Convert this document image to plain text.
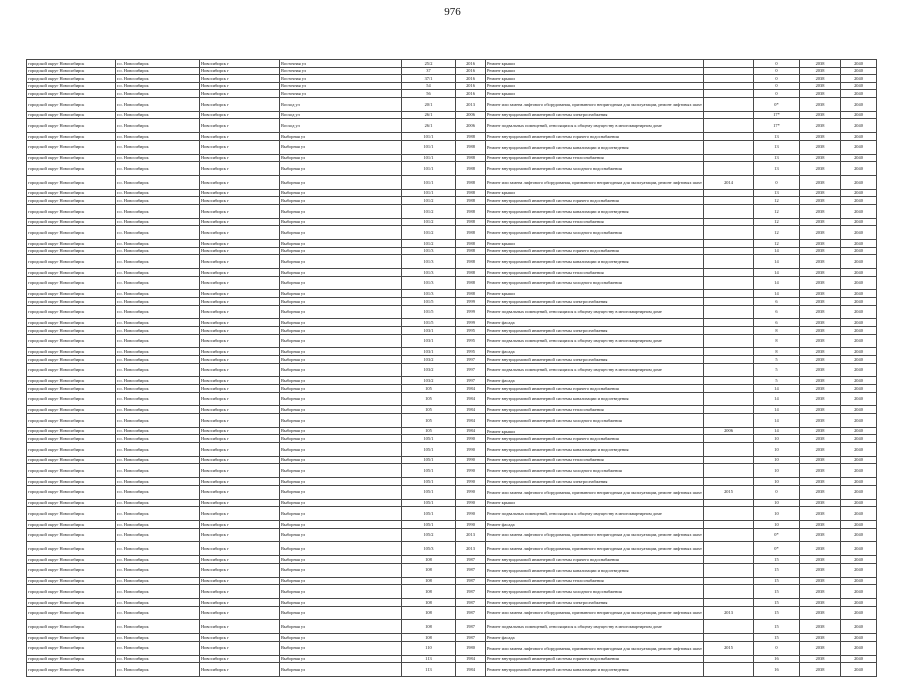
976
городской округ Новосибирск	г.о. Новосибирск	Новосибирск г	Восточная ул	25/2	2016	Ремонт крыши		0	2038	2040
городской округ Новосибирск	г.о. Новосибирск	Новосибирск г	Восточная ул	37	2016	Ремонт крыши		0	2038	2040
городской округ Новосибирск	г.о. Новосибирск	Новосибирск г	Восточная ул	37/1	2016	Ремонт крыши		0	2038	2040
городской округ Новосибирск	г.о. Новосибирск	Новосибирск г	Восточная ул	54	2016	Ремонт крыши		0	2038	2040
городской округ Новосибирск	г.о. Новосибирск	Новосибирск г	Восточная ул	56	2016	Ремонт крыши		0	2038	2040
городской округ Новосибирск	г.о. Новосибирск	Новосибирск г	Восход ул	20/1	2013	Ремонт или замена лифтового оборудования, признанного непригодным для эксплуатации, ремонт лифтовых шахт		0*	2038	2040
городской округ Новосибирск	г.о. Новосибирск	Новосибирск г	Восход ул	26/1	2006	Ремонт внутридомовой инженерной системы электроснабжения		17*	2038	2040
городской округ Новосибирск	г.о. Новосибирск	Новосибирск г	Восход ул	26/1	2006	Ремонт подвальных помещений, относящихся к общему имуществу в многоквартирном доме		17*	2038	2040
городской округ Новосибирск	г.о. Новосибирск	Новосибирск г	Выборная ул	101/1	1988	Ремонт внутридомовой инженерной системы горячего водоснабжения		13	2038	2040
городской округ Новосибирск	г.о. Новосибирск	Новосибирск г	Выборная ул	101/1	1988	Ремонт внутридомовой инженерной системы канализации и водоотведения		13	2038	2040
городской округ Новосибирск	г.о. Новосибирск	Новосибирск г	Выборная ул	101/1	1988	Ремонт внутридомовой инженерной системы теплоснабжения		13	2038	2040
городской округ Новосибирск	г.о. Новосибирск	Новосибирск г	Выборная ул	101/1	1988	Ремонт внутридомовой инженерной системы холодного водоснабжения		13	2038	2040
городской округ Новосибирск	г.о. Новосибирск	Новосибирск г	Выборная ул	101/1	1988	Ремонт или замена лифтового оборудования, признанного непригодным для эксплуатации, ремонт лифтовых шахт	2014	0	2038	2040
городской округ Новосибирск	г.о. Новосибирск	Новосибирск г	Выборная ул	101/1	1988	Ремонт крыши		13	2038	2040
городской округ Новосибирск	г.о. Новосибирск	Новосибирск г	Выборная ул	101/2	1988	Ремонт внутридомовой инженерной системы горячего водоснабжения		12	2038	2040
городской округ Новосибирск	г.о. Новосибирск	Новосибирск г	Выборная ул	101/2	1988	Ремонт внутридомовой инженерной системы канализации и водоотведения		12	2038	2040
городской округ Новосибирск	г.о. Новосибирск	Новосибирск г	Выборная ул	101/2	1988	Ремонт внутридомовой инженерной системы теплоснабжения		12	2038	2040
городской округ Новосибирск	г.о. Новосибирск	Новосибирск г	Выборная ул	101/2	1988	Ремонт внутридомовой инженерной системы холодного водоснабжения		12	2038	2040
городской округ Новосибирск	г.о. Новосибирск	Новосибирск г	Выборная ул	101/2	1988	Ремонт крыши		12	2038	2040
городской округ Новосибирск	г.о. Новосибирск	Новосибирск г	Выборная ул	101/3	1988	Ремонт внутридомовой инженерной системы горячего водоснабжения		14	2038	2040
городской округ Новосибирск	г.о. Новосибирск	Новосибирск г	Выборная ул	101/3	1988	Ремонт внутридомовой инженерной системы канализации и водоотведения		14	2038	2040
городской округ Новосибирск	г.о. Новосибирск	Новосибирск г	Выборная ул	101/3	1988	Ремонт внутридомовой инженерной системы теплоснабжения		14	2038	2040
городской округ Новосибирск	г.о. Новосибирск	Новосибирск г	Выборная ул	101/3	1988	Ремонт внутридомовой инженерной системы холодного водоснабжения		14	2038	2040
городской округ Новосибирск	г.о. Новосибирск	Новосибирск г	Выборная ул	101/3	1988	Ремонт крыши		14	2038	2040
городской округ Новосибирск	г.о. Новосибирск	Новосибирск г	Выборная ул	101/5	1999	Ремонт внутридомовой инженерной системы электроснабжения		6	2038	2040
городской округ Новосибирск	г.о. Новосибирск	Новосибирск г	Выборная ул	101/5	1999	Ремонт подвальных помещений, относящихся к общему имуществу в многоквартирном доме		6	2038	2040
городской округ Новосибирск	г.о. Новосибирск	Новосибирск г	Выборная ул	101/5	1999	Ремонт фасада		6	2038	2040
городской округ Новосибирск	г.о. Новосибирск	Новосибирск г	Выборная ул	103/1	1995	Ремонт внутридомовой инженерной системы электроснабжения		8	2038	2040
городской округ Новосибирск	г.о. Новосибирск	Новосибирск г	Выборная ул	103/1	1995	Ремонт подвальных помещений, относящихся к общему имуществу в многоквартирном доме		8	2038	2040
городской округ Новосибирск	г.о. Новосибирск	Новосибирск г	Выборная ул	103/1	1995	Ремонт фасада		8	2038	2040
городской округ Новосибирск	г.о. Новосибирск	Новосибирск г	Выборная ул	103/2	1997	Ремонт внутридомовой инженерной системы электроснабжения		5	2038	2040
городской округ Новосибирск	г.о. Новосибирск	Новосибирск г	Выборная ул	103/2	1997	Ремонт подвальных помещений, относящихся к общему имуществу в многоквартирном доме		5	2038	2040
городской округ Новосибирск	г.о. Новосибирск	Новосибирск г	Выборная ул	103/2	1997	Ремонт фасада		5	2038	2040
городской округ Новосибирск	г.о. Новосибирск	Новосибирск г	Выборная ул	105	1984	Ремонт внутридомовой инженерной системы горячего водоснабжения		14	2038	2040
городской округ Новосибирск	г.о. Новосибирск	Новосибирск г	Выборная ул	105	1984	Ремонт внутридомовой инженерной системы канализации и водоотведения		14	2038	2040
городской округ Новосибирск	г.о. Новосибирск	Новосибирск г	Выборная ул	105	1984	Ремонт внутридомовой инженерной системы теплоснабжения		14	2038	2040
городской округ Новосибирск	г.о. Новосибирск	Новосибирск г	Выборная ул	105	1984	Ремонт внутридомовой инженерной системы холодного водоснабжения		14	2038	2040
городской округ Новосибирск	г.о. Новосибирск	Новосибирск г	Выборная ул	105	1984	Ремонт крыши	2006	14	2038	2040
городской округ Новосибирск	г.о. Новосибирск	Новосибирск г	Выборная ул	105/1	1990	Ремонт внутридомовой инженерной системы горячего водоснабжения		10	2038	2040
городской округ Новосибирск	г.о. Новосибирск	Новосибирск г	Выборная ул	105/1	1990	Ремонт внутридомовой инженерной системы канализации и водоотведения		10	2038	2040
городской округ Новосибирск	г.о. Новосибирск	Новосибирск г	Выборная ул	105/1	1990	Ремонт внутридомовой инженерной системы теплоснабжения		10	2038	2040
городской округ Новосибирск	г.о. Новосибирск	Новосибирск г	Выборная ул	105/1	1990	Ремонт внутридомовой инженерной системы холодного водоснабжения		10	2038	2040
городской округ Новосибирск	г.о. Новосибирск	Новосибирск г	Выборная ул	105/1	1990	Ремонт внутридомовой инженерной системы электроснабжения		10	2038	2040
городской округ Новосибирск	г.о. Новосибирск	Новосибирск г	Выборная ул	105/1	1990	Ремонт или замена лифтового оборудования, признанного непригодным для эксплуатации, ремонт лифтовых шахт	2015	0	2038	2040
городской округ Новосибирск	г.о. Новосибирск	Новосибирск г	Выборная ул	105/1	1990	Ремонт крыши		10	2038	2040
городской округ Новосибирск	г.о. Новосибирск	Новосибирск г	Выборная ул	105/1	1990	Ремонт подвальных помещений, относящихся к общему имуществу в многоквартирном доме		10	2038	2040
городской округ Новосибирск	г.о. Новосибирск	Новосибирск г	Выборная ул	105/1	1990	Ремонт фасада		10	2038	2040
городской округ Новосибирск	г.о. Новосибирск	Новосибирск г	Выборная ул	105/2	2013	Ремонт или замена лифтового оборудования, признанного непригодным для эксплуатации, ремонт лифтовых шахт		0*	2038	2040
городской округ Новосибирск	г.о. Новосибирск	Новосибирск г	Выборная ул	105/3	2013	Ремонт или замена лифтового оборудования, признанного непригодным для эксплуатации, ремонт лифтовых шахт		0*	2038	2040
городской округ Новосибирск	г.о. Новосибирск	Новосибирск г	Выборная ул	108	1987	Ремонт внутридомовой инженерной системы горячего водоснабжения		15	2038	2040
городской округ Новосибирск	г.о. Новосибирск	Новосибирск г	Выборная ул	108	1987	Ремонт внутридомовой инженерной системы канализации и водоотведения		15	2038	2040
городской округ Новосибирск	г.о. Новосибирск	Новосибирск г	Выборная ул	108	1987	Ремонт внутридомовой инженерной системы теплоснабжения		15	2038	2040
городской округ Новосибирск	г.о. Новосибирск	Новосибирск г	Выборная ул	108	1987	Ремонт внутридомовой инженерной системы холодного водоснабжения		15	2038	2040
городской округ Новосибирск	г.о. Новосибирск	Новосибирск г	Выборная ул	108	1987	Ремонт внутридомовой инженерной системы электроснабжения		15	2038	2040
городской округ Новосибирск	г.о. Новосибирск	Новосибирск г	Выборная ул	108	1987	Ремонт или замена лифтового оборудования, признанного непригодным для эксплуатации, ремонт лифтовых шахт	2013	15	2038	2040
городской округ Новосибирск	г.о. Новосибирск	Новосибирск г	Выборная ул	108	1987	Ремонт подвальных помещений, относящихся к общему имуществу в многоквартирном доме		15	2038	2040
городской округ Новосибирск	г.о. Новосибирск	Новосибирск г	Выборная ул	108	1987	Ремонт фасада		15	2038	2040
городской округ Новосибирск	г.о. Новосибирск	Новосибирск г	Выборная ул	110	1980	Ремонт или замена лифтового оборудования, признанного непригодным для эксплуатации, ремонт лифтовых шахт	2015	0	2038	2040
городской округ Новосибирск	г.о. Новосибирск	Новосибирск г	Выборная ул	113	1984	Ремонт внутридомовой инженерной системы горячего водоснабжения		16	2038	2040
городской округ Новосибирск	г.о. Новосибирск	Новосибирск г	Выборная ул	113	1984	Ремонт внутридомовой инженерной системы канализации и водоотведения		16	2038	2040
